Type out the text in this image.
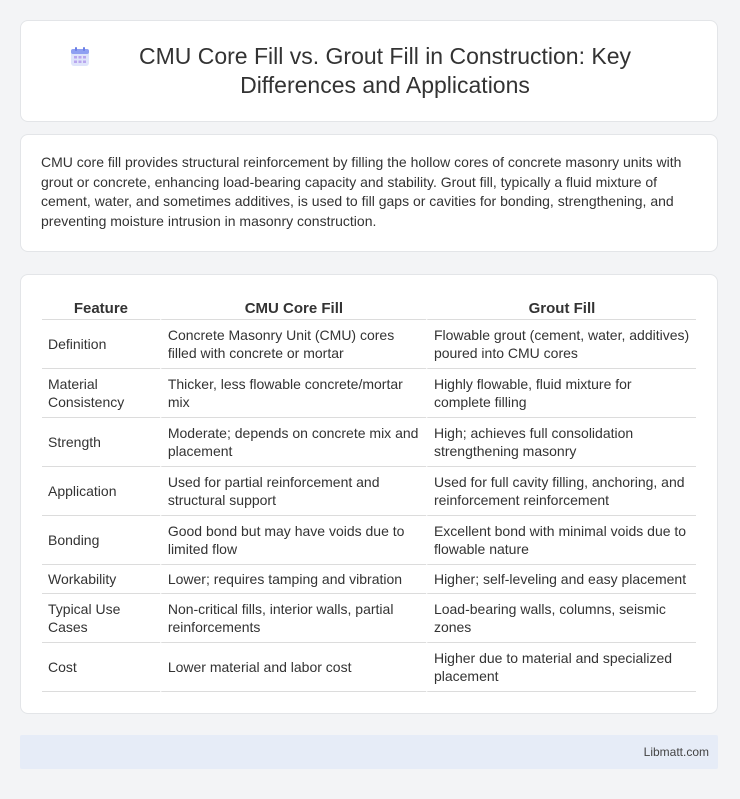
CMU Core Fill vs. Grout Fill in Construction: Key Differences and Applications

CMU core fill provides structural reinforcement by filling the hollow cores of concrete masonry units with grout or concrete, enhancing load-bearing capacity and stability. Grout fill, typically a fluid mixture of cement, water, and sometimes additives, is used to fill gaps or cavities for bonding, strengthening, and preventing moisture intrusion in masonry construction.

Feature	CMU Core Fill	Grout Fill
Definition	Concrete Masonry Unit (CMU) cores filled with concrete or mortar	Flowable grout (cement, water, additives) poured into CMU cores
Material Consistency	Thicker, less flowable concrete/mortar mix	Highly flowable, fluid mixture for complete filling
Strength	Moderate; depends on concrete mix and placement	High; achieves full consolidation strengthening masonry
Application	Used for partial reinforcement and structural support	Used for full cavity filling, anchoring, and reinforcement reinforcement
Bonding	Good bond but may have voids due to limited flow	Excellent bond with minimal voids due to flowable nature
Workability	Lower; requires tamping and vibration	Higher; self-leveling and easy placement
Typical Use Cases	Non-critical fills, interior walls, partial reinforcements	Load-bearing walls, columns, seismic zones
Cost	Lower material and labor cost	Higher due to material and specialized placement
Libmatt.com
